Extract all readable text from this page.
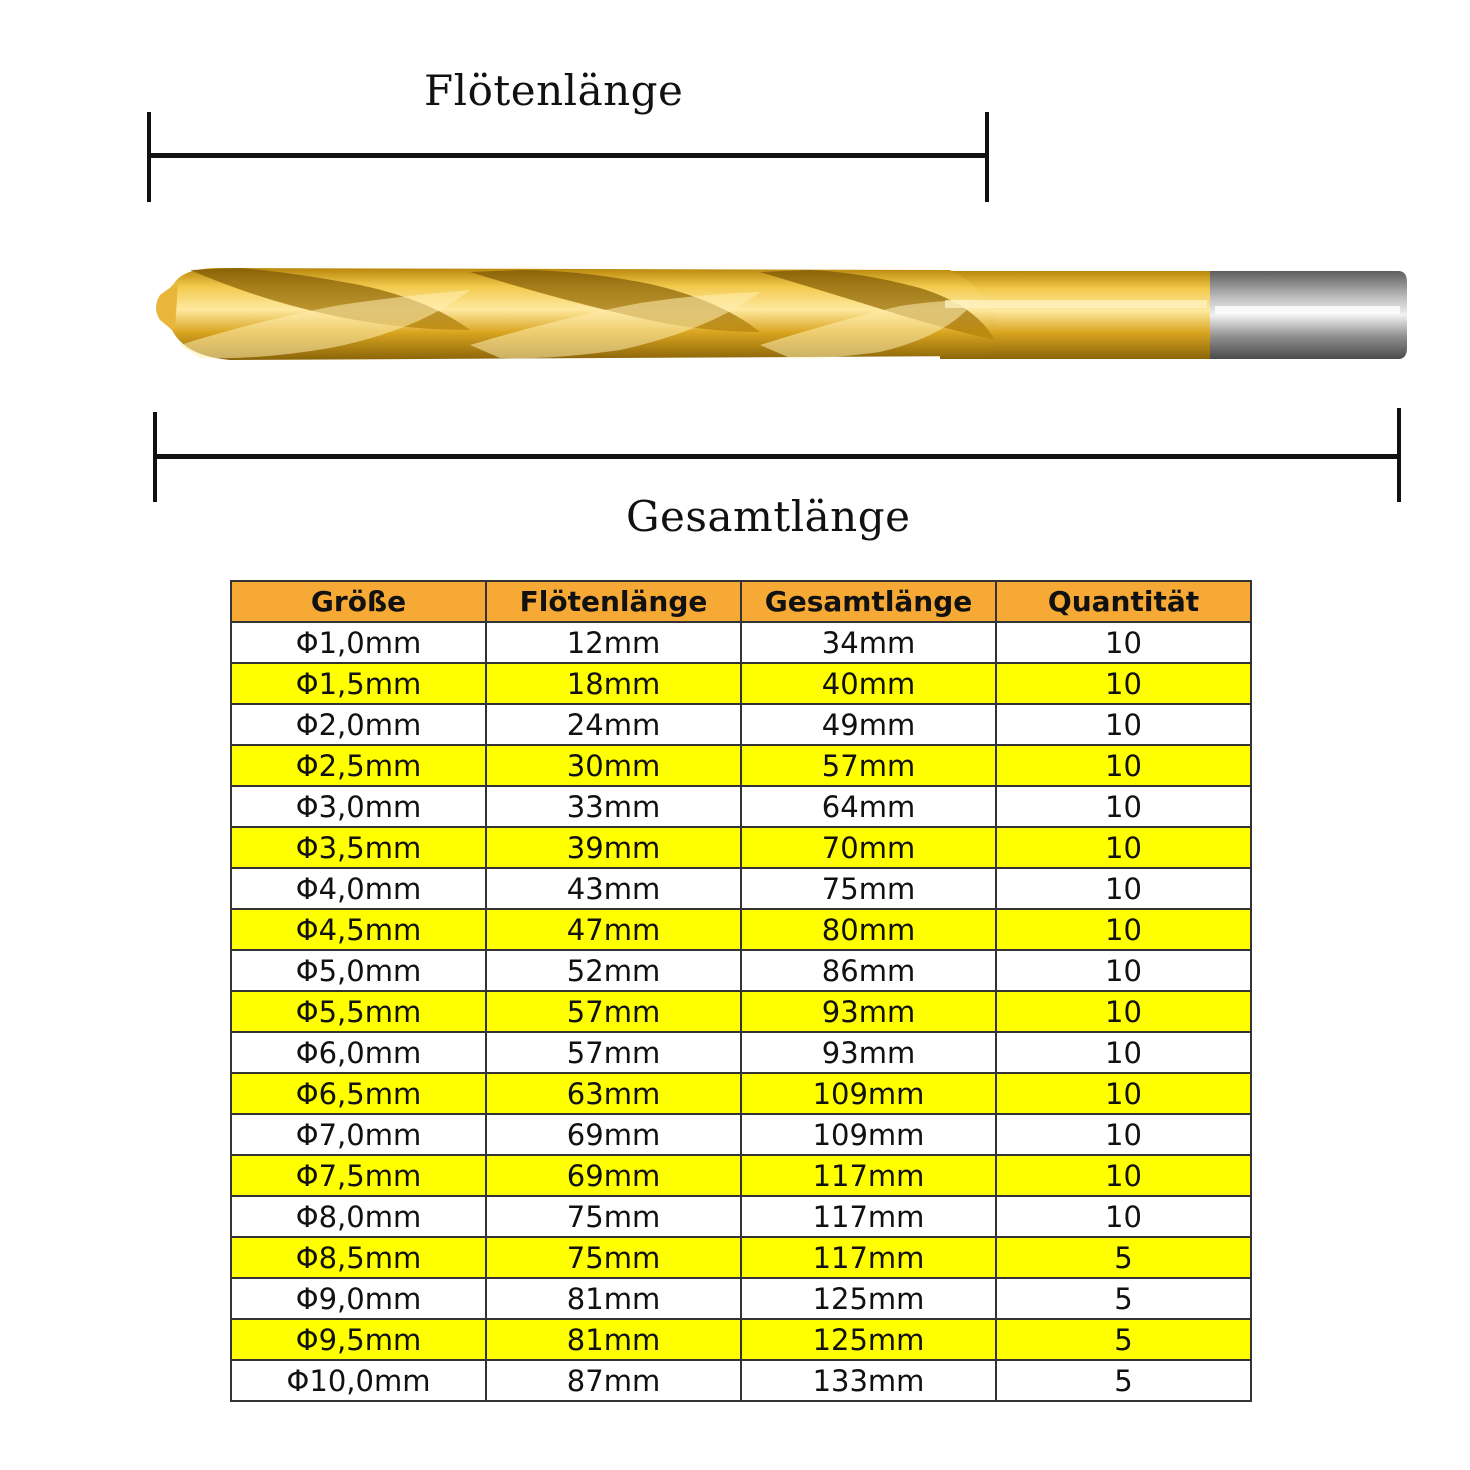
Flötenlänge
Gesamtlänge
Größe	Flötenlänge	Gesamtlänge	Quantität
Φ1,0mm	12mm	34mm	10
Φ1,5mm	18mm	40mm	10
Φ2,0mm	24mm	49mm	10
Φ2,5mm	30mm	57mm	10
Φ3,0mm	33mm	64mm	10
Φ3,5mm	39mm	70mm	10
Φ4,0mm	43mm	75mm	10
Φ4,5mm	47mm	80mm	10
Φ5,0mm	52mm	86mm	10
Φ5,5mm	57mm	93mm	10
Φ6,0mm	57mm	93mm	10
Φ6,5mm	63mm	109mm	10
Φ7,0mm	69mm	109mm	10
Φ7,5mm	69mm	117mm	10
Φ8,0mm	75mm	117mm	10
Φ8,5mm	75mm	117mm	5
Φ9,0mm	81mm	125mm	5
Φ9,5mm	81mm	125mm	5
Φ10,0mm	87mm	133mm	5
